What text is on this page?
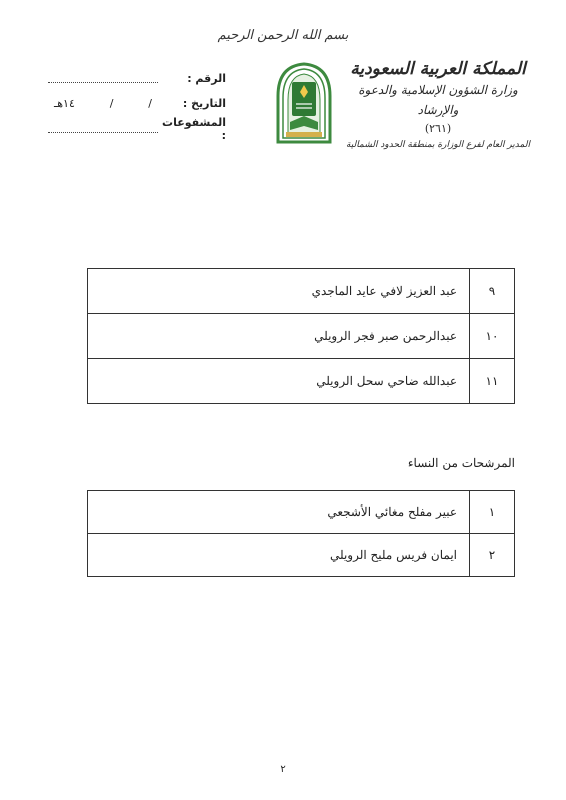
بسم الله الرحمن الرحيم
المملكة العربية السعودية
وزارة الشؤون الإسلامية والدعوة والإرشاد
(٢٦١)
المدير العام لفرع الوزارة بمنطقة الحدود الشمالية
الرقم :
التاريخ :
/
/
١٤هـ
المشفوعات :
٩	عبد العزيز لافي عايد الماجدي
١٠	عبدالرحمن صبر فجر الرويلي
١١	عبدالله ضاحي سحل الرويلي
المرشحات من النساء
١	عبير مفلح مغائي الأشجعي
٢	ايمان فريس مليح الرويلي
٢
